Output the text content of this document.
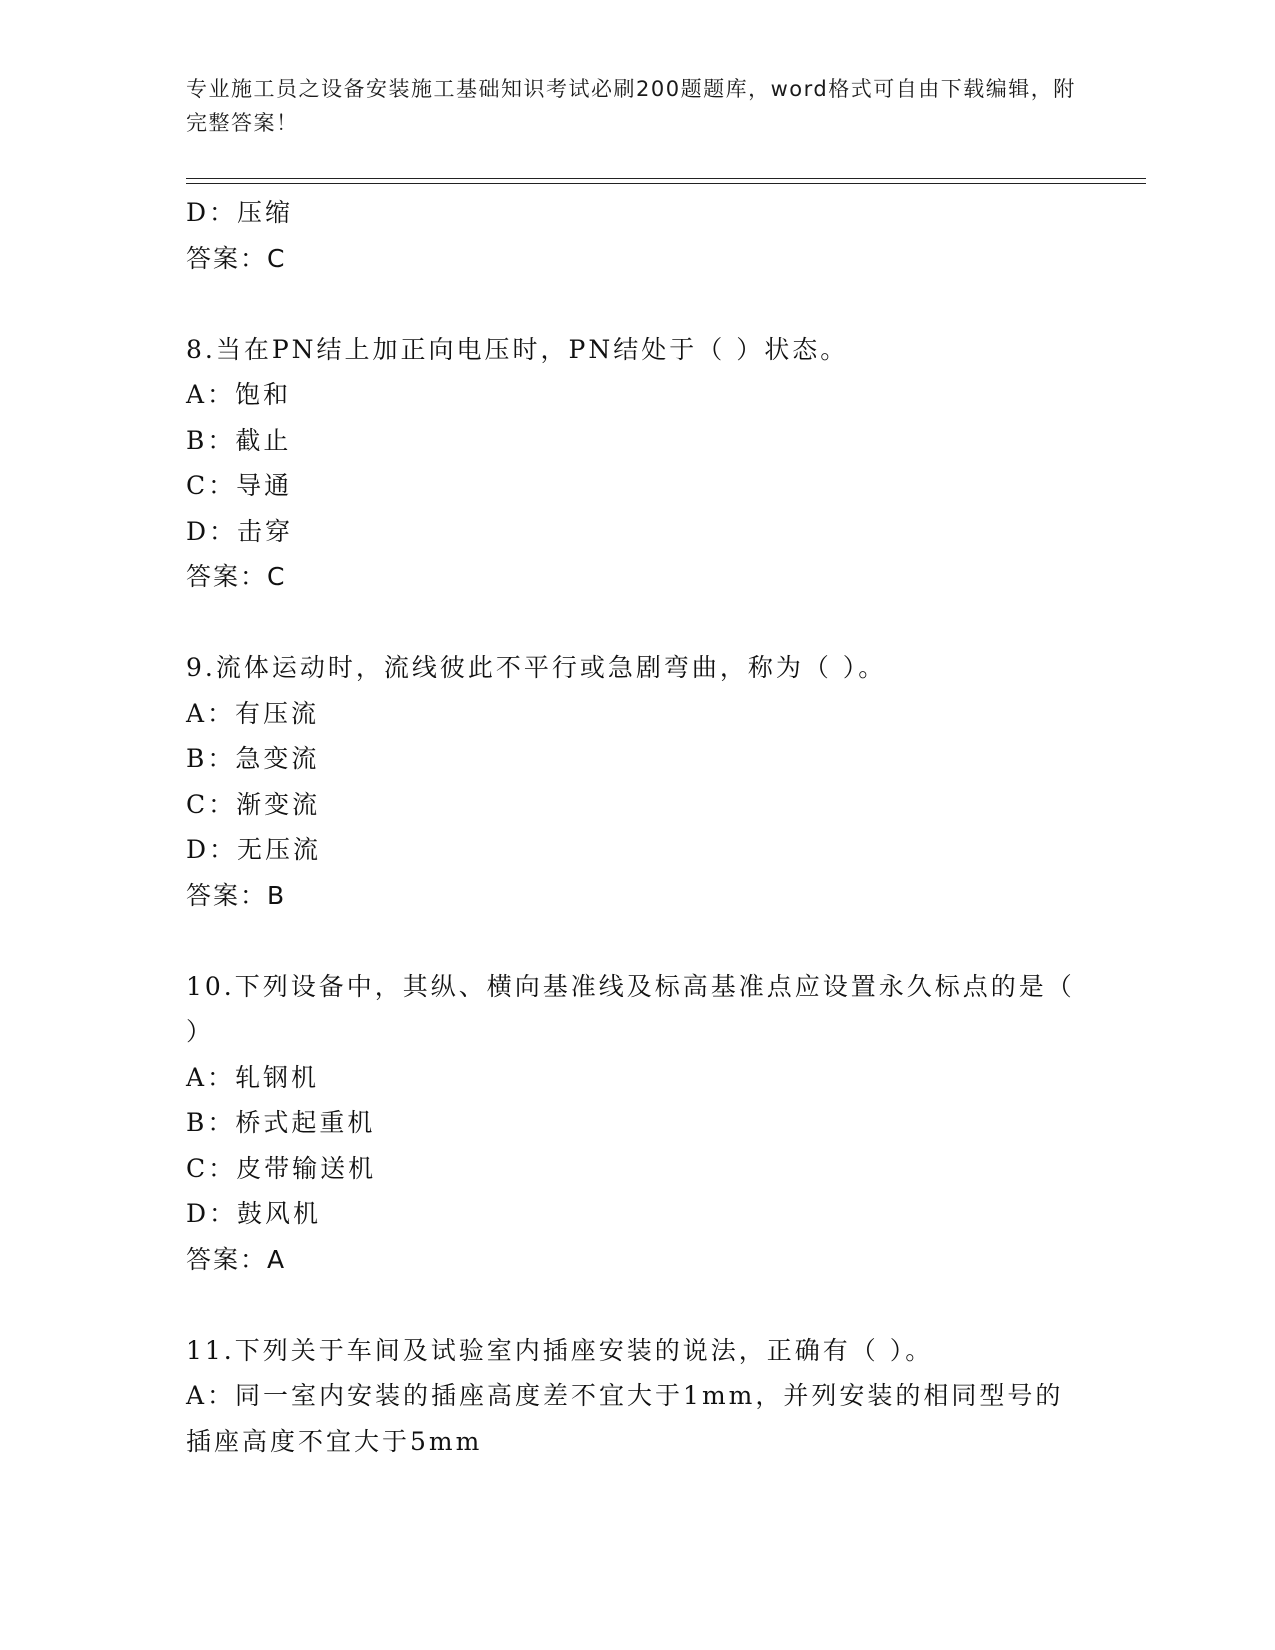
专业施工员之设备安装施工基础知识考试必刷200题题库，word格式可自由下载编辑，附完整答案！
D：压缩
答案：C
8.当在PN结上加正向电压时，PN结处于（ ）状态。
A：饱和
B：截止
C：导通
D：击穿
答案：C
9.流体运动时，流线彼此不平行或急剧弯曲，称为（ ）。
A：有压流
B：急变流
C：渐变流
D：无压流
答案：B
10.下列设备中，其纵、横向基准线及标高基准点应设置永久标点的是（ ）
A：轧钢机
B：桥式起重机
C：皮带输送机
D：鼓风机
答案：A
11.下列关于车间及试验室内插座安装的说法，正确有（ ）。
A：同一室内安装的插座高度差不宜大于1mm，并列安装的相同型号的插座高度不宜大于5mm
